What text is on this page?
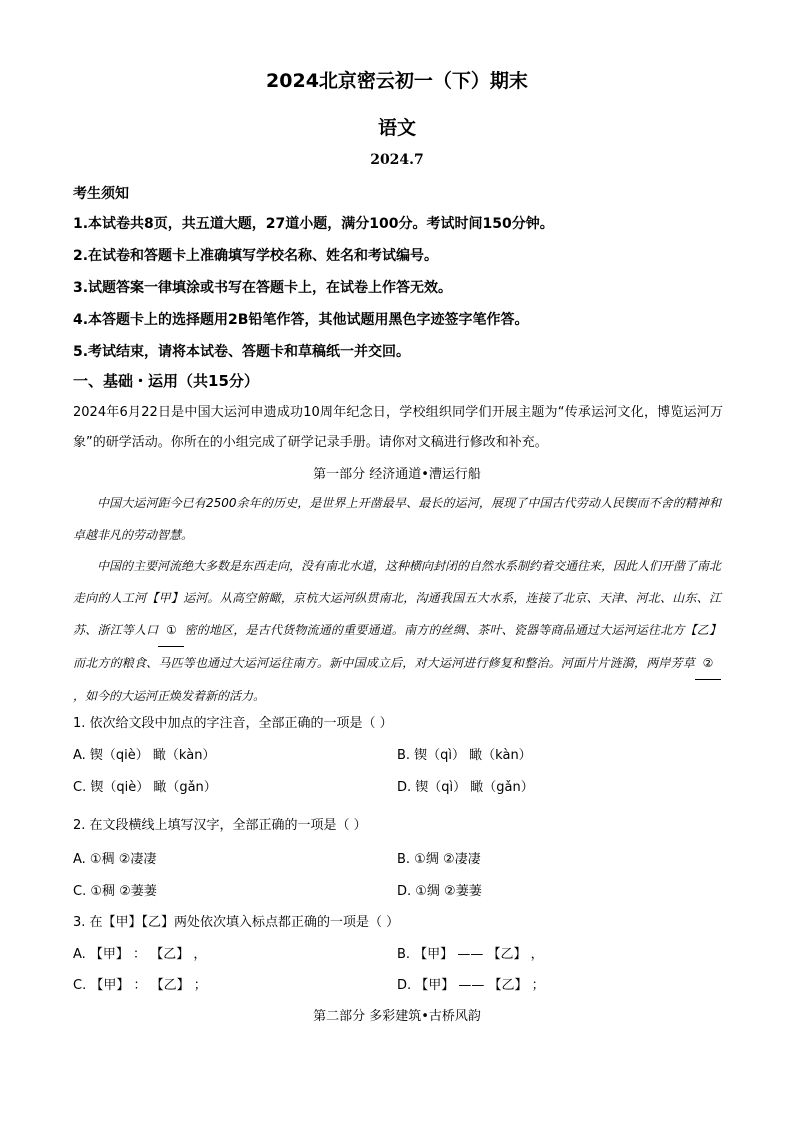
2024北京密云初一（下）期末
语文
2024.7
考生须知
1.本试卷共8页，共五道大题，27道小题，满分100分。考试时间150分钟。
2.在试卷和答题卡上准确填写学校名称、姓名和考试编号。
3.试题答案一律填涂或书写在答题卡上，在试卷上作答无效。
4.本答题卡上的选择题用2B铅笔作答，其他试题用黑色字迹签字笔作答。
5.考试结束，请将本试卷、答题卡和草稿纸一并交回。
一、基础・运用（共15分）
2024年6月22日是中国大运河申遗成功10周年纪念日，学校组织同学们开展主题为“传承运河文化，博览运河万象”的研学活动。你所在的小组完成了研学记录手册。请你对文稿进行修改和补充。
第一部分 经济通道•漕运行船
中国大运河距今已有2500余年的历史，是世界上开凿最早、最长的运河，展现了中国古代劳动人民锲而不舍的精神和卓越非凡的劳动智慧。
中国的主要河流绝大多数是东西走向，没有南北水道，这种横向封闭的自然水系制约着交通往来，因此人们开凿了南北走向的人工河【甲】运河。从高空俯瞰，京杭大运河纵贯南北，沟通我国五大水系，连接了北京、天津、河北、山东、江苏、浙江等人口 ① 密的地区，是古代货物流通的重要通道。南方的丝绸、茶叶、瓷器等商品通过大运河运往北方【乙】而北方的粮食、马匹等也通过大运河运往南方。新中国成立后，对大运河进行修复和整治。河面片片涟漪，两岸芳草 ②，如今的大运河正焕发着新的活力。
1. 依次给文段中加点的字注音，全部正确的一项是（ ）
A. 锲（qiè） 瞰（kàn）	B. 锲（qì） 瞰（kàn）
C. 锲（qiè） 瞰（gǎn）	D. 锲（qì） 瞰（gǎn）
2. 在文段横线上填写汉字，全部正确的一项是（ ）
A. ①稠 ②凄凄	B. ①绸 ②凄凄
C. ①稠 ②萋萋	D. ①绸 ②萋萋
3. 在【甲】【乙】两处依次填入标点都正确的一项是（ ）
A. 【甲】 ： 【乙】 ，	B. 【甲】 —— 【乙】 ，
C. 【甲】 ： 【乙】 ；	D. 【甲】 —— 【乙】 ；
第二部分 多彩建筑•古桥风韵
